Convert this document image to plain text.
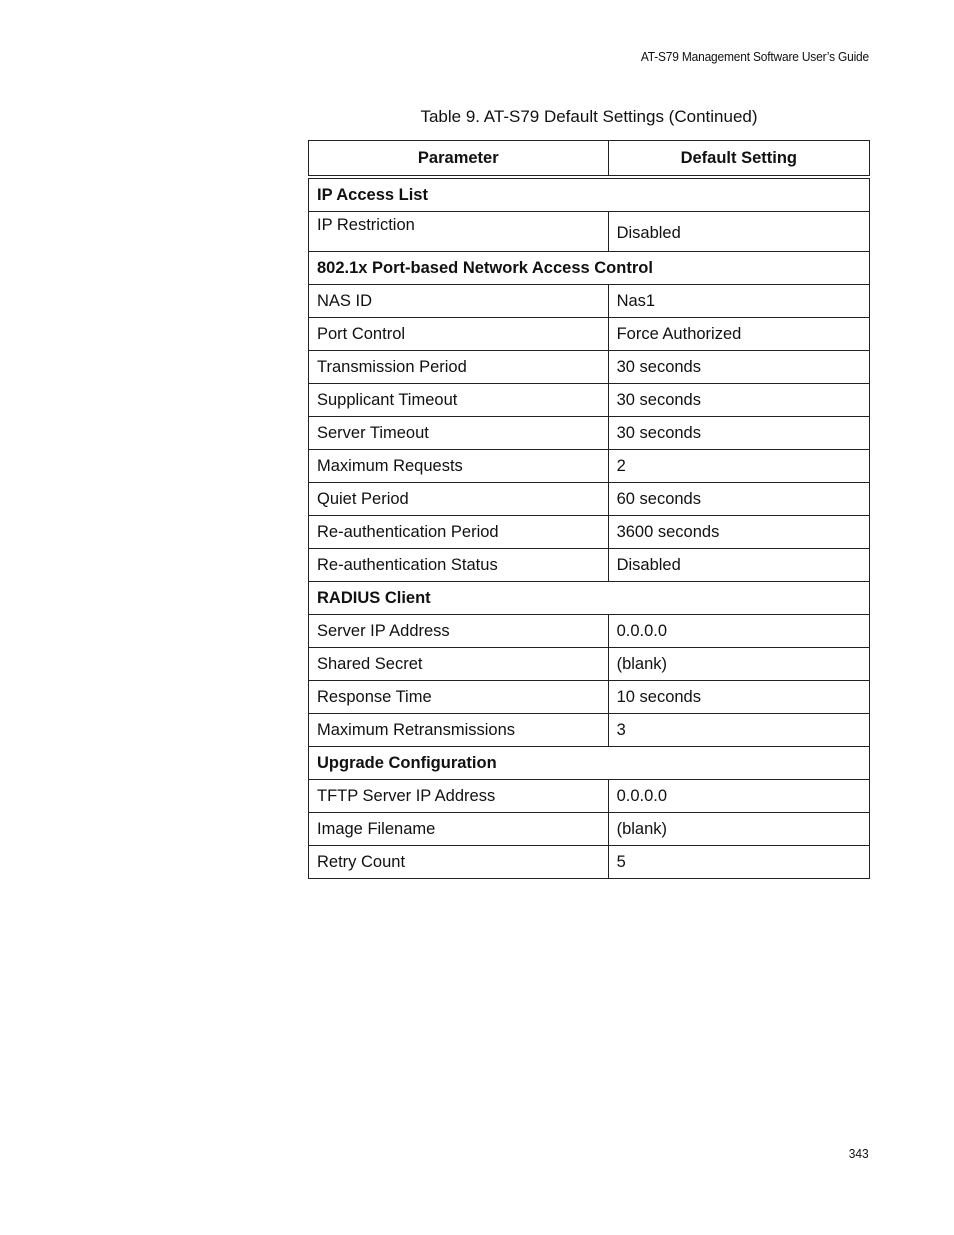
AT-S79 Management Software User’s Guide
Table 9. AT-S79 Default Settings (Continued)
Parameter	Default Setting
IP Access List	
IP Restriction	Disabled
802.1x Port-based Network Access Control	
NAS ID	Nas1
Port Control	Force Authorized
Transmission Period	30 seconds
Supplicant Timeout	30 seconds
Server Timeout	30 seconds
Maximum Requests	2
Quiet Period	60 seconds
Re-authentication Period	3600 seconds
Re-authentication Status	Disabled
RADIUS Client	
Server IP Address	0.0.0.0
Shared Secret	(blank)
Response Time	10 seconds
Maximum Retransmissions	3
Upgrade Configuration	
TFTP Server IP Address	0.0.0.0
Image Filename	(blank)
Retry Count	5
343
